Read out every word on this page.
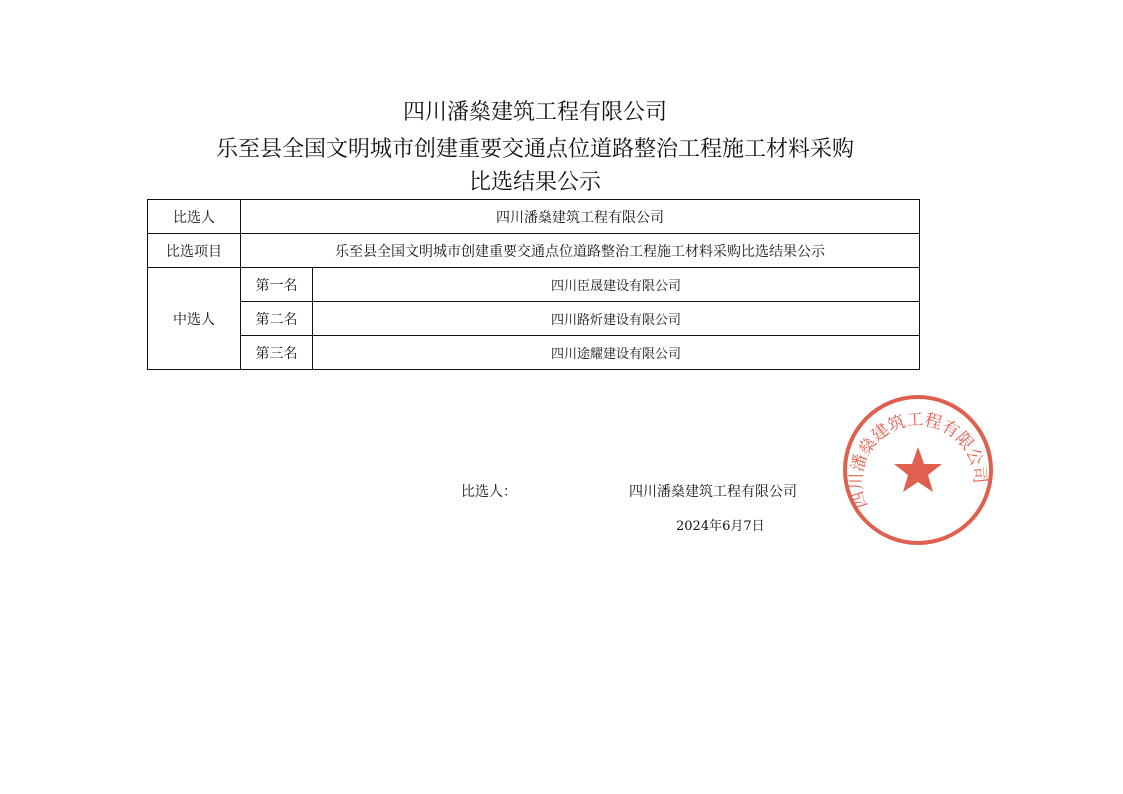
四川潘燊建筑工程有限公司
乐至县全国文明城市创建重要交通点位道路整治工程施工材料采购
比选结果公示
比选人	四川潘燊建筑工程有限公司	
比选项目	乐至县全国文明城市创建重要交通点位道路整治工程施工材料采购比选结果公示	
中选人	第一名	四川臣晟建设有限公司
	第二名	四川路炘建设有限公司
	第三名	四川途耀建设有限公司
比选人：	四川潘燊建筑工程有限公司
2024年6月7日
四川潘燊建筑工程有限公司
